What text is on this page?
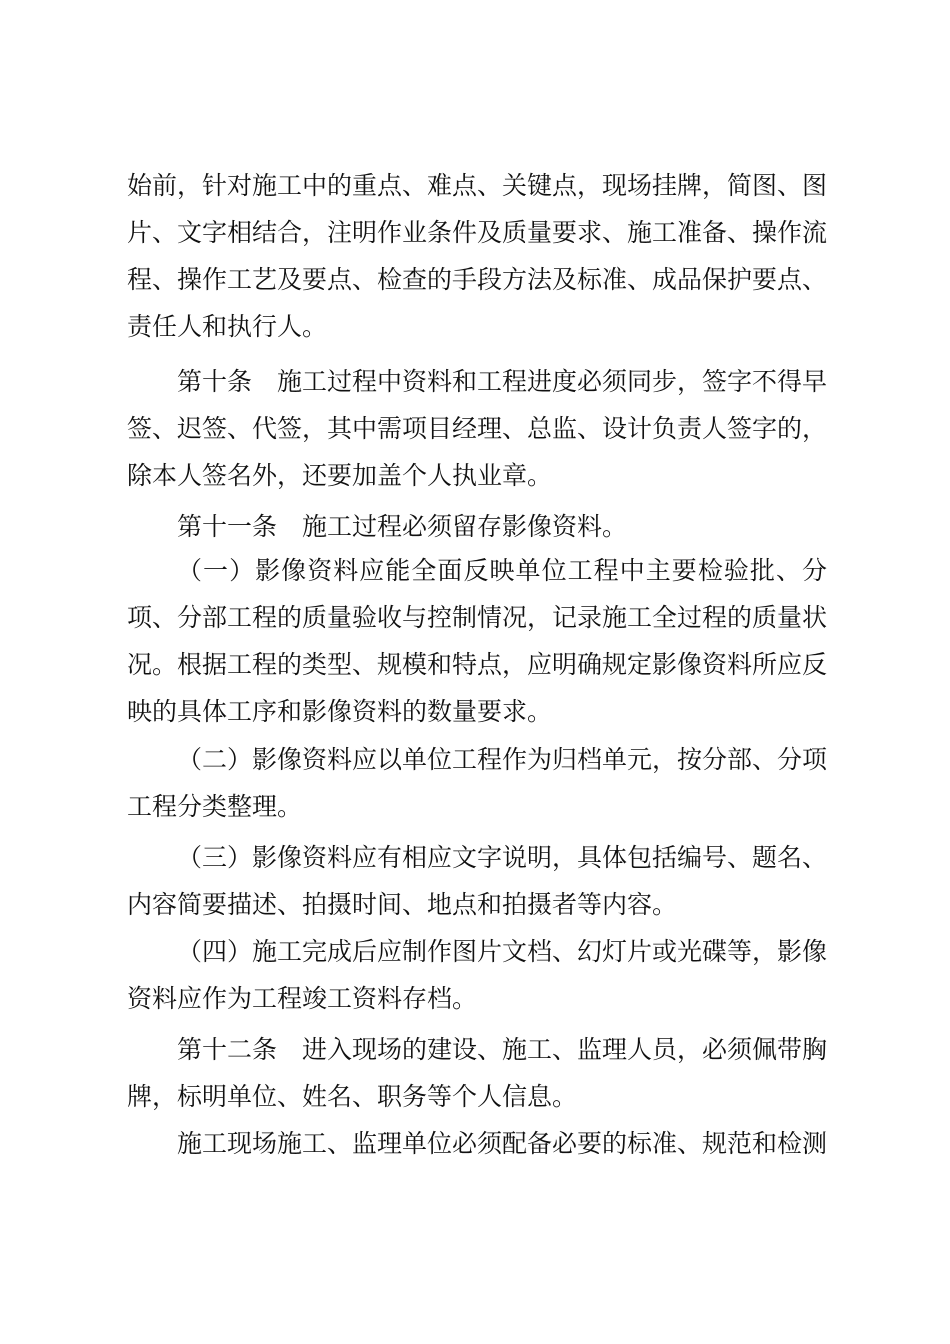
始前，针对施工中的重点、难点、关键点，现场挂牌，简图、图片、文字相结合，注明作业条件及质量要求、施工准备、操作流程、操作工艺及要点、检查的手段方法及标准、成品保护要点、责任人和执行人。

第十条　施工过程中资料和工程进度必须同步，签字不得早签、迟签、代签，其中需项目经理、总监、设计负责人签字的，除本人签名外，还要加盖个人执业章。

第十一条　施工过程必须留存影像资料。

（一）影像资料应能全面反映单位工程中主要检验批、分项、分部工程的质量验收与控制情况，记录施工全过程的质量状况。根据工程的类型、规模和特点，应明确规定影像资料所应反映的具体工序和影像资料的数量要求。

（二）影像资料应以单位工程作为归档单元，按分部、分项工程分类整理。

（三）影像资料应有相应文字说明，具体包括编号、题名、内容简要描述、拍摄时间、地点和拍摄者等内容。

（四）施工完成后应制作图片文档、幻灯片或光碟等，影像资料应作为工程竣工资料存档。

第十二条　进入现场的建设、施工、监理人员，必须佩带胸牌，标明单位、姓名、职务等个人信息。

施工现场施工、监理单位必须配备必要的标准、规范和检测
